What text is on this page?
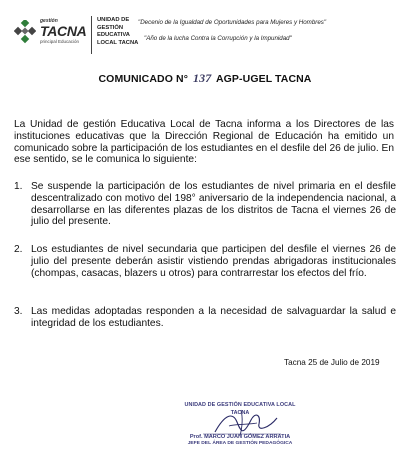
gestión
TACNA
principal Educación
UNIDAD DE
GESTIÓN
EDUCATIVA
LOCAL TACNA
"Decenio de la Igualdad de Oportunidades para Mujeres y Hombres"
"Año de la lucha Contra la Corrupción y la Impunidad"
COMUNICADO N° 137 AGP-UGEL TACNA
La Unidad de gestión Educativa Local de Tacna informa a los Directores de las instituciones educativas que la Dirección Regional de Educación ha emitido un comunicado sobre la participación de los estudiantes en el desfile del 26 de julio. En ese sentido, se le comunica lo siguiente:
1. Se suspende la participación de los estudiantes de nivel primaria en el desfile descentralizado con motivo del 198° aniversario de la independencia nacional, a desarrollarse en las diferentes plazas de los distritos de Tacna el viernes 26 de julio del presente.
2. Los estudiantes de nivel secundaria que participen del desfile el viernes 26 de julio del presente deberán asistir vistiendo prendas abrigadoras institucionales (chompas, casacas, blazers u otros) para contrarrestar los efectos del frío.
3. Las medidas adoptadas responden a la necesidad de salvaguardar la salud e integridad de los estudiantes.
Tacna 25 de Julio de 2019
UNIDAD DE GESTIÓN EDUCATIVA LOCAL
TACNA
Prof. MARCO JUAN GÓMEZ ARRATIA
JEFE DEL ÁREA DE GESTIÓN PEDAGÓGICA
